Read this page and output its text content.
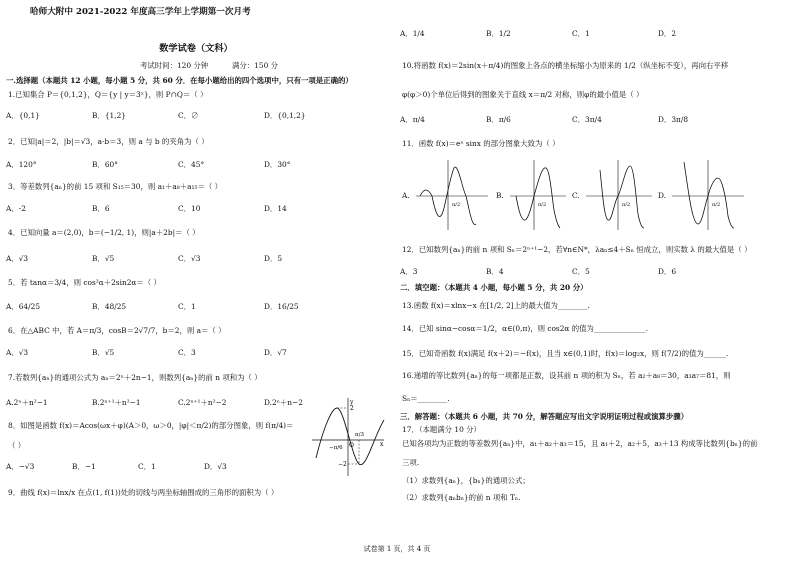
哈师大附中 2021-2022 年度高三学年上学期第一次月考
数学试卷（文科）
考试时间：120 分钟	满分：150 分
一.选择题（本题共 12 小题，每小题 5 分，共 60 分．在每小题给出的四个选项中，只有一项是正确的）
1.已知集合 P＝{0,1,2}，Q＝{y | y＝3ˣ}，则 P∩Q＝（ ）
A．{0,1}	B．{1,2}	C．∅	D．{0,1,2}
2．已知|a|＝2，|b|＝√3，a·b＝3，则 a 与 b 的夹角为（ ）
A．120°	B．60°	C．45°	D．30°
3．等差数列{aₙ}的前 15 项和 S₁₅＝30，则 a₁＋a₈＋a₁₅＝（ ）
A．-2	B．6	C．10	D．14
4．已知向量 a＝(2,0)，b＝(−1/2, 1)，则|a＋2b|＝（ ）
A．√3	B．√5	C．√3	D．5
5．若 tanα＝3/4，则 cos²α＋2sin2α＝（ ）
A．64/25	B．48/25	C．1	D．16/25
6．在△ABC 中，若 A＝π/3，cosB＝2√7/7，b＝2，则 a＝（ ）
A．√3	B．√5	C．3	D．√7
7.若数列{aₙ}的通项公式为 aₙ＝2ⁿ＋2n−1，则数列{aₙ}的前 n 项和为（ ）
A.2ⁿ＋n²−1	B.2ⁿ⁺¹＋n²−1	C.2ⁿ⁺¹＋n²−2	D.2ⁿ＋n−2
8．如图是函数 f(x)＝Acos(ωx＋φ)(A＞0，ω＞0，|φ|＜π/2)的部分图象，则 f(π/4)＝
（ ）
A．−√3	B．−1	C．1	D．√3
y
x
2
−2
O
−π/6
π/3
9．曲线 f(x)＝lnx/x 在点(1, f(1))处的切线与两坐标轴围成的三角形的面积为（ ）
A．1/4	B．1/2	C．1	D．2
10.将函数 f(x)＝2sin(x＋π/4)的图象上各点的横坐标缩小为原来的 1/2（纵坐标不变），再向右平移
φ(φ＞0)个单位后得到的图象关于直线 x＝π/2 对称，则φ的最小值是（ ）
A．π/4	B．π/6	C．3π/4	D．3π/8
11．函数 f(x)＝eˣ sinx 的部分图象大致为（ ）
A.
π/2
B.
π/2
C.
π/2
D.
π/2
12．已知数列{aₙ}的前 n 项和 Sₙ＝2ⁿ⁺¹−2，若∀n∈N*，λaₙ≤4＋Sₙ 恒成立，则实数 λ 的最大值是（ ）
A．3	B．4	C．5	D．6
二．填空题：（本题共 4 小题，每小题 5 分，共 20 分）
13.函数 f(x)＝xlnx−x 在[1/2, 2]上的最大值为________.
14．已知 sinα−cosα＝1/2，α∈(0,π)，则 cos2α 的值为______________.
15．已知奇函数 f(x)满足 f(x＋2)＝−f(x)，且当 x∈(0,1)时，f(x)＝log₂x，则 f(7/2)的值为______.
16.递增的等比数列{aₙ}的每一项都是正数，设其前 n 项的积为 Sₙ，若 a₂＋a₈＝30，a₃a₇＝81，则
Sₙ＝________.
三．解答题：（本题共 6 小题，共 70 分，解答题应写出文字说明证明过程或演算步骤）
17．（本题满分 10 分）
已知各项均为正数的等差数列{aₙ}中，a₁＋a₂＋a₃＝15，且 a₁＋2，a₂＋5，a₃＋13 构成等比数列{bₙ}的前
三项.
（1）求数列{aₙ}，{bₙ}的通项公式；
（2）求数列{aₙbₙ}的前 n 项和 Tₙ.
试卷第 1 页，共 4 页
